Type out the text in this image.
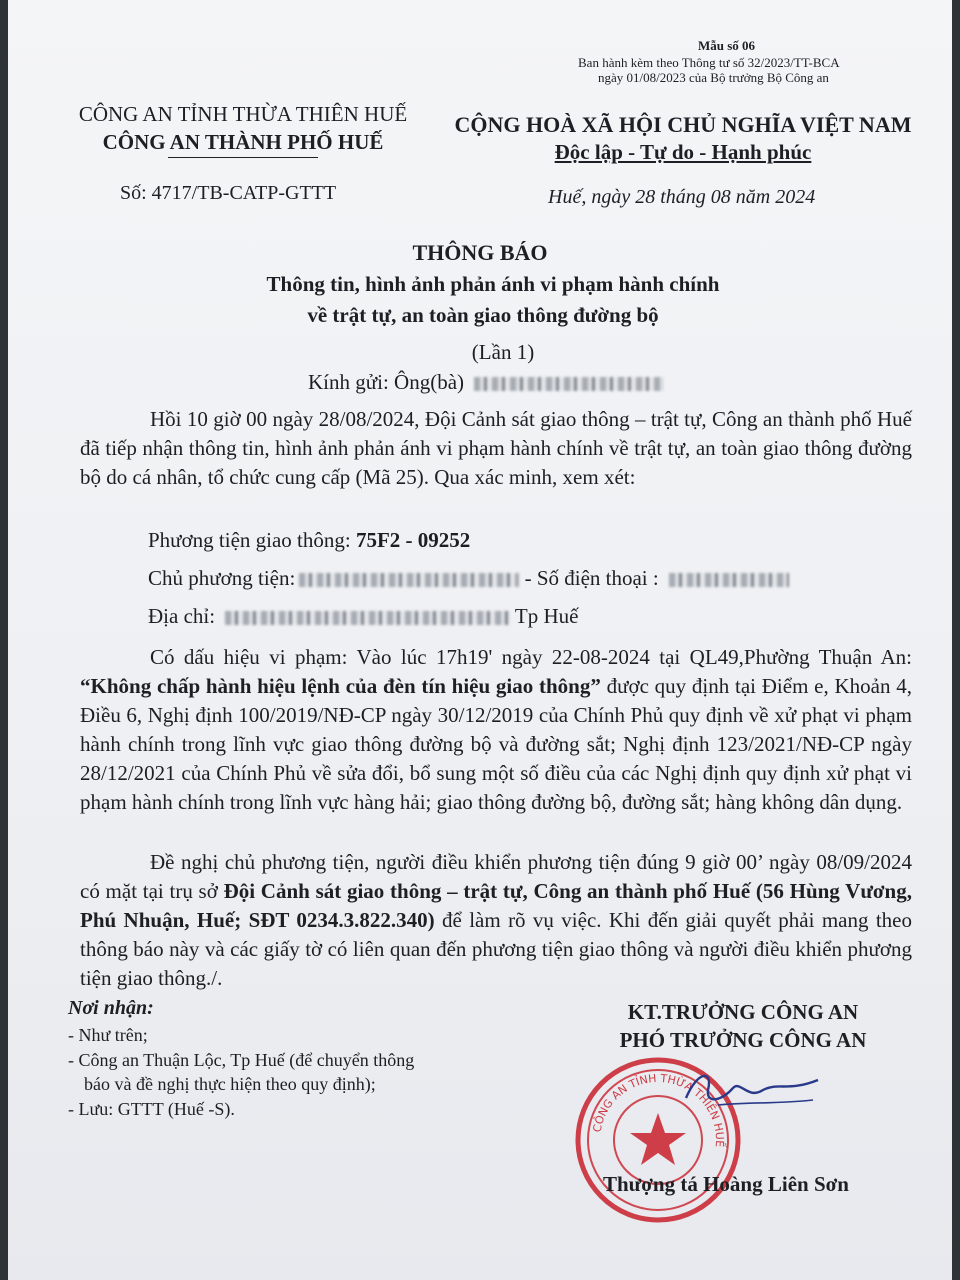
Mẫu số 06
Ban hành kèm theo Thông tư số 32/2023/TT-BCA
ngày 01/08/2023 của Bộ trưởng Bộ Công an
CÔNG AN TỈNH THỪA THIÊN HUẾ
CÔNG AN THÀNH PHỐ HUẾ
CỘNG HOÀ XÃ HỘI CHỦ NGHĨA VIỆT NAM
Độc lập - Tự do - Hạnh phúc
Số: 4717/TB-CATP-GTTT	Huế, ngày 28 tháng 08 năm 2024
THÔNG BÁO
Thông tin, hình ảnh phản ánh vi phạm hành chính
về trật tự, an toàn giao thông đường bộ
(Lần 1)
Kính gửi: Ông(bà)
Hồi 10 giờ 00 ngày 28/08/2024, Đội Cảnh sát giao thông – trật tự, Công an thành phố Huế đã tiếp nhận thông tin, hình ảnh phản ánh vi phạm hành chính về trật tự, an toàn giao thông đường bộ do cá nhân, tổ chức cung cấp (Mã 25). Qua xác minh, xem xét:
Phương tiện giao thông: 75F2 - 09252
Chủ phương tiện:	- Số điện thoại :
Địa chỉ:	Tp Huế
Có dấu hiệu vi phạm: Vào lúc 17h19' ngày 22-08-2024 tại QL49,Phường Thuận An: “Không chấp hành hiệu lệnh của đèn tín hiệu giao thông” được quy định tại Điểm e, Khoản 4, Điều 6, Nghị định 100/2019/NĐ-CP ngày 30/12/2019 của Chính Phủ quy định về xử phạt vi phạm hành chính trong lĩnh vực giao thông đường bộ và đường sắt; Nghị định 123/2021/NĐ-CP ngày 28/12/2021 của Chính Phủ về sửa đổi, bổ sung một số điều của các Nghị định quy định xử phạt vi phạm hành chính trong lĩnh vực hàng hải; giao thông đường bộ, đường sắt; hàng không dân dụng.
Đề nghị chủ phương tiện, người điều khiển phương tiện đúng 9 giờ 00’ ngày 08/09/2024 có mặt tại trụ sở Đội Cảnh sát giao thông – trật tự, Công an thành phố Huế (56 Hùng Vương, Phú Nhuận, Huế; SĐT 0234.3.822.340) để làm rõ vụ việc. Khi đến giải quyết phải mang theo thông báo này và các giấy tờ có liên quan đến phương tiện giao thông và người điều khiển phương tiện giao thông./.
Nơi nhận:
- Như trên;
- Công an Thuận Lộc, Tp Huế (để chuyển thông
báo và đề nghị thực hiện theo quy định);
- Lưu: GTTT (Huế -S).
KT.TRƯỞNG CÔNG AN
PHÓ TRƯỞNG CÔNG AN
CÔNG AN TỈNH THỪA THIÊN HUẾ
Thượng tá Hoàng Liên Sơn
